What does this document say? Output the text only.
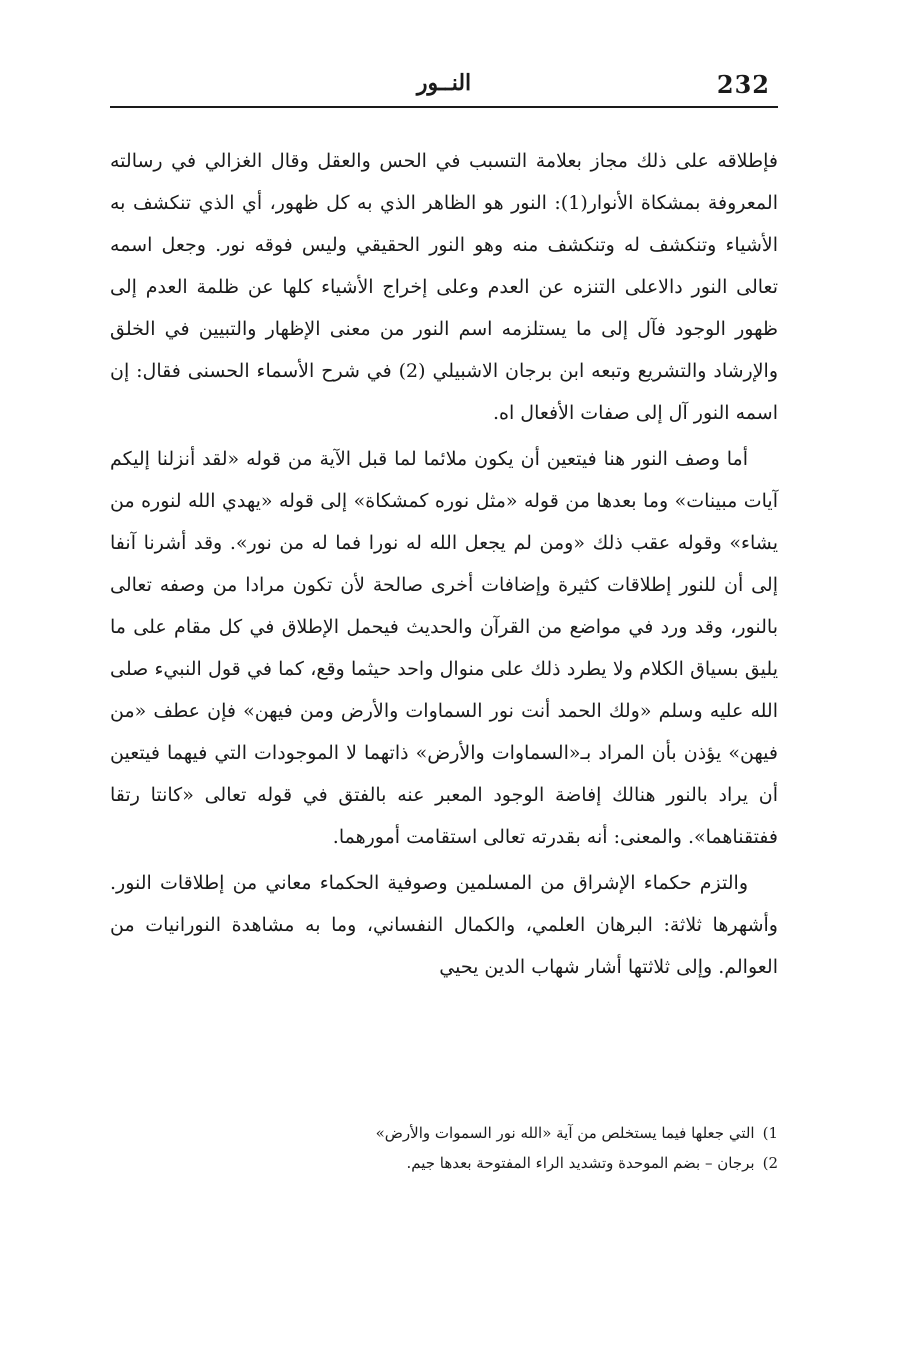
232
النــور

فإطلاقه على ذلك مجاز بعلامة التسبب في الحس والعقل وقال الغزالي في رسالته المعروفة بمشكاة الأنوار(1): النور هو الظاهر الذي به كل ظهور، أي الذي تنكشف به الأشياء وتنكشف له وتنكشف منه وهو النور الحقيقي وليس فوقه نور. وجعل اسمه تعالى النور دالاعلى التنزه عن العدم وعلى إخراج الأشياء كلها عن ظلمة العدم إلى ظهور الوجود فآل إلى ما يستلزمه اسم النور من معنى الإظهار والتبيين في الخلق والإرشاد والتشريع وتبعه ابن برجان الاشبيلي (2) في شرح الأسماء الحسنى فقال: إن اسمه النور آل إلى صفات الأفعال اه.

أما وصف النور هنا فيتعين أن يكون ملائما لما قبل الآية من قوله «لقد أنزلنا إليكم آيات مبينات» وما بعدها من قوله «مثل نوره كمشكاة» إلى قوله «يهدي الله لنوره من يشاء» وقوله عقب ذلك «ومن لم يجعل الله له نورا فما له من نور». وقد أشرنا آنفا إلى أن للنور إطلاقات كثيرة وإضافات أخرى صالحة لأن تكون مرادا من وصفه تعالى بالنور، وقد ورد في مواضع من القرآن والحديث فيحمل الإطلاق في كل مقام على ما يليق بسياق الكلام ولا يطرد ذلك على منوال واحد حيثما وقع، كما في قول النبيء صلى الله عليه وسلم «ولك الحمد أنت نور السماوات والأرض ومن فيهن» فإن عطف «من فيهن» يؤذن بأن المراد بـ«السماوات والأرض» ذاتهما لا الموجودات التي فيهما فيتعين أن يراد بالنور هنالك إفاضة الوجود المعبر عنه بالفتق في قوله تعالى «كانتا رتقا ففتقناهما». والمعنى: أنه بقدرته تعالى استقامت أمورهما.

والتزم حكماء الإشراق من المسلمين وصوفية الحكماء معاني من إطلاقات النور. وأشهرها ثلاثة: البرهان العلمي، والكمال النفساني، وما به مشاهدة النورانيات من العوالم. وإلى ثلاثتها أشار شهاب الدين يحيي

1)التي جعلها فيما يستخلص من آية «الله نور السموات والأرض»
2)برجان – بضم الموحدة وتشديد الراء المفتوحة بعدها جيم.
